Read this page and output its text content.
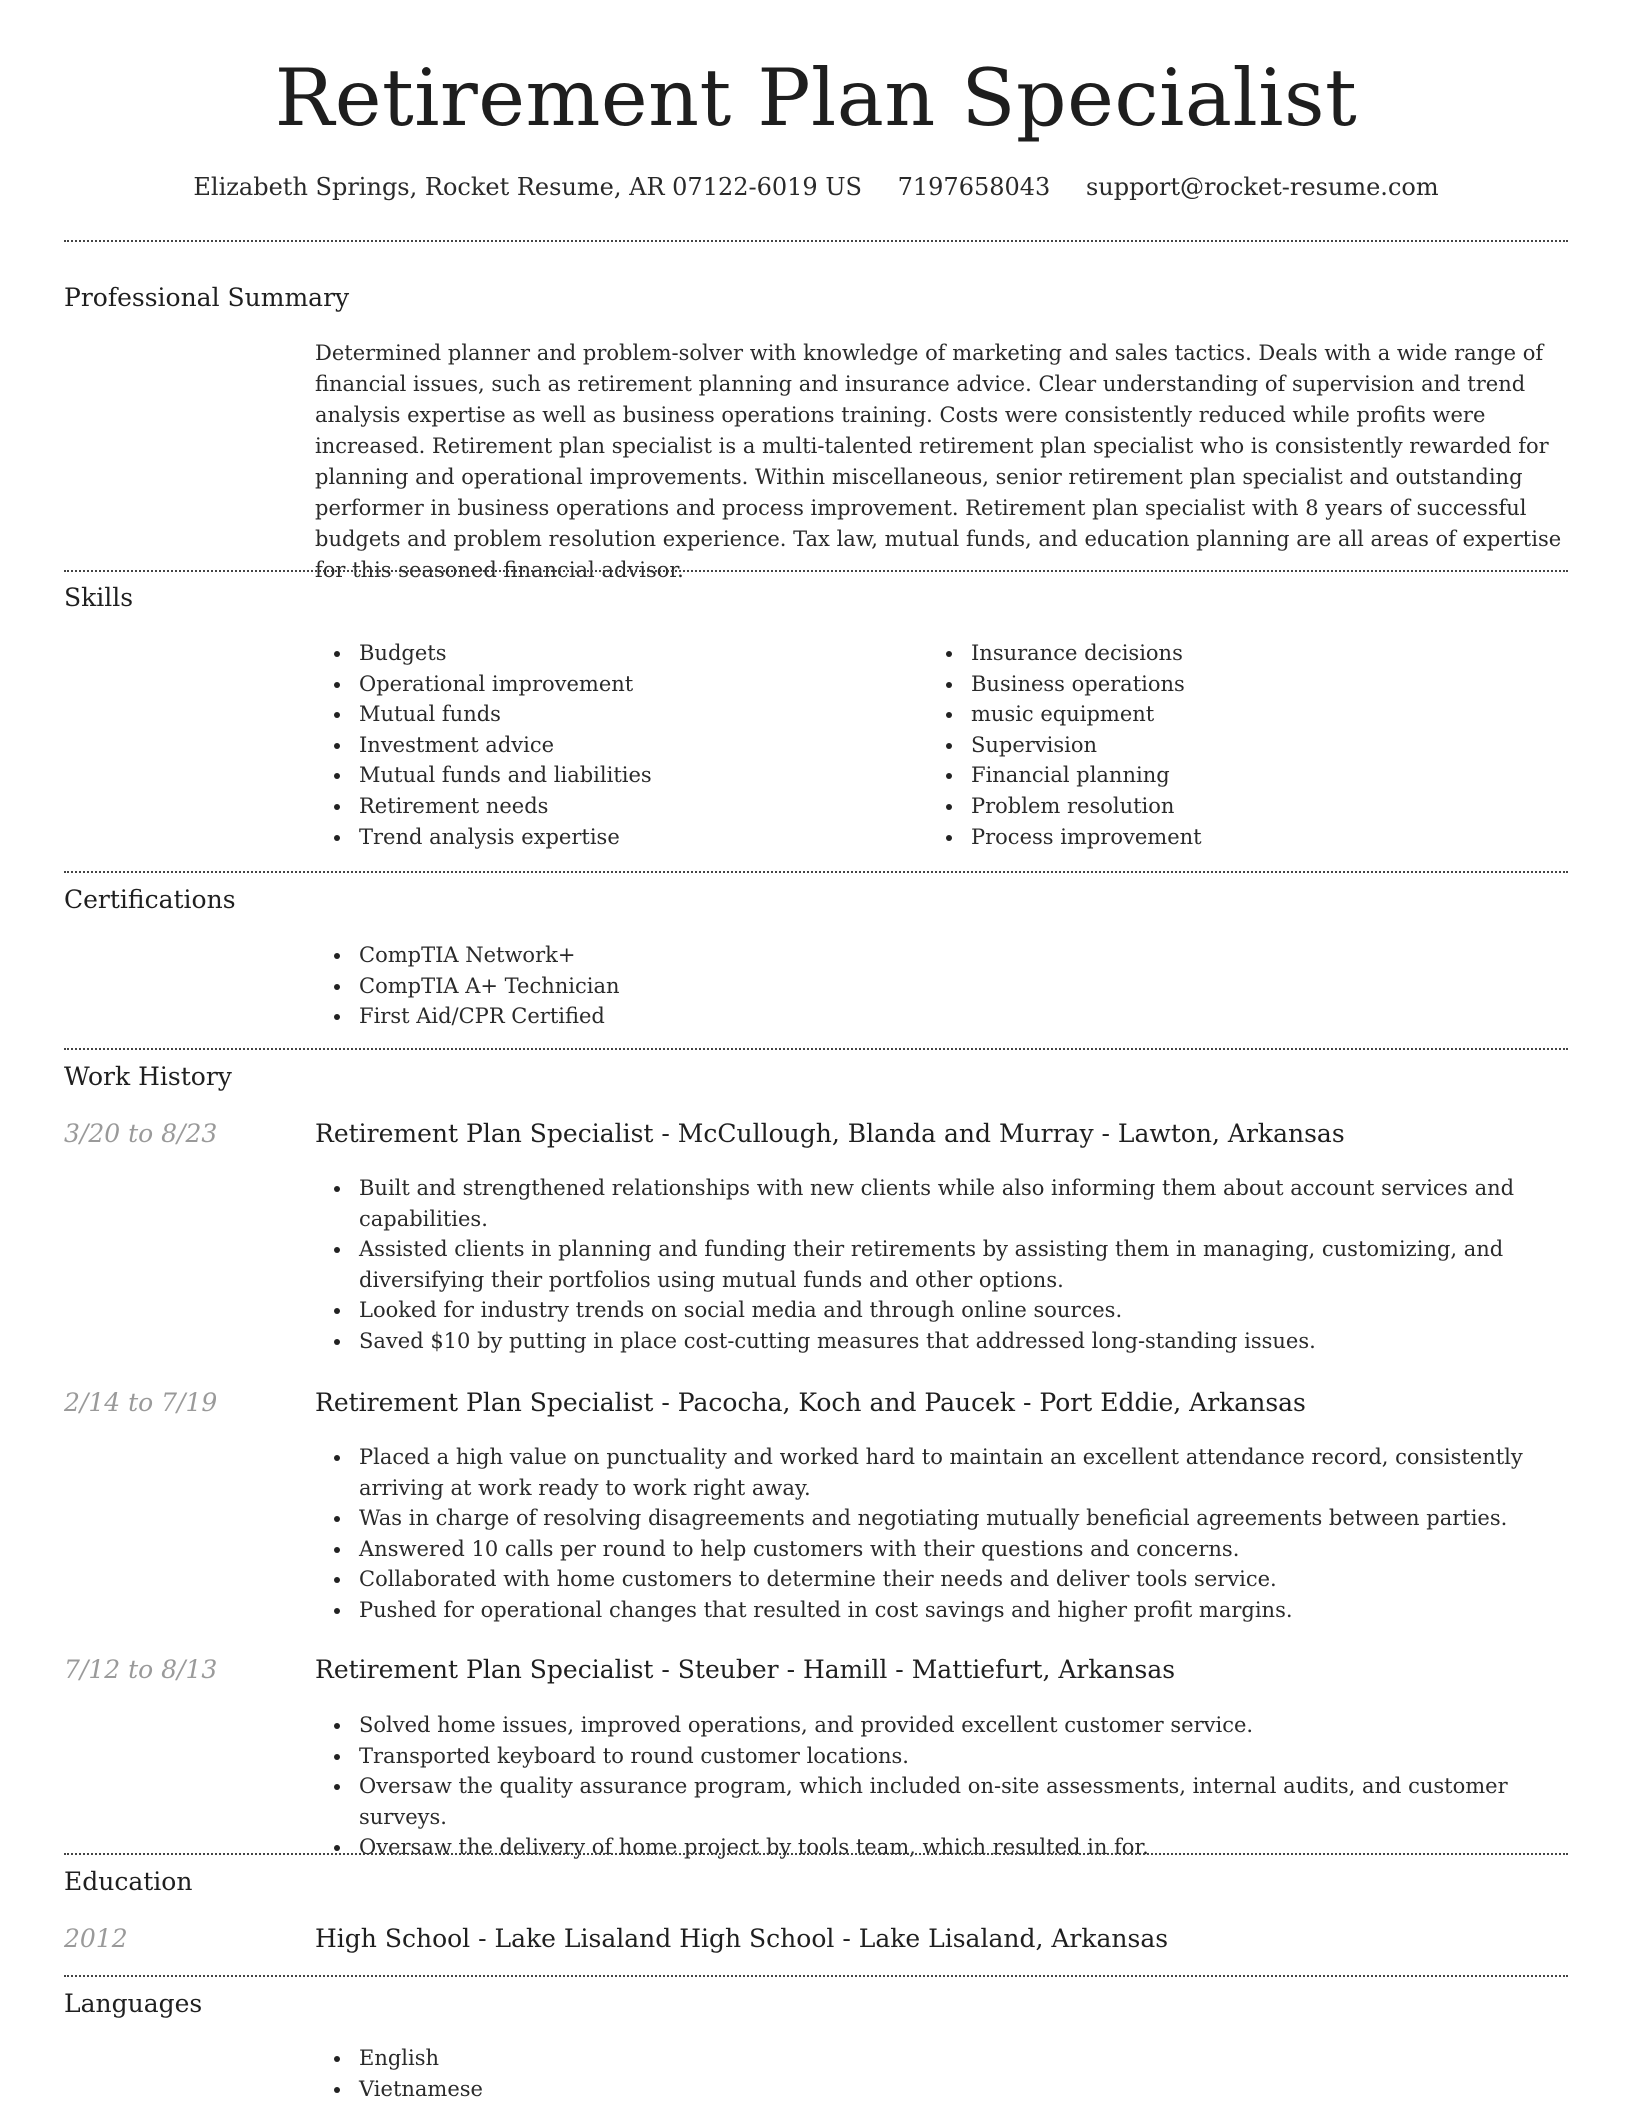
Retirement Plan Specialist
Elizabeth Springs, Rocket Resume, AR 07122-6019 US 7197658043 support@rocket-resume.com
Professional Summary
Determined planner and problem-solver with knowledge of marketing and sales tactics. Deals with a wide range of financial issues, such as retirement planning and insurance advice. Clear understanding of supervision and trend analysis expertise as well as business operations training. Costs were consistently reduced while profits were increased. Retirement plan specialist is a multi-talented retirement plan specialist who is consistently rewarded for planning and operational improvements. Within miscellaneous, senior retirement plan specialist and outstanding performer in business operations and process improvement. Retirement plan specialist with 8 years of successful budgets and problem resolution experience. Tax law, mutual funds, and education planning are all areas of expertise for this seasoned financial advisor.
Skills
Budgets
Operational improvement
Mutual funds
Investment advice
Mutual funds and liabilities
Retirement needs
Trend analysis expertise
Insurance decisions
Business operations
music equipment
Supervision
Financial planning
Problem resolution
Process improvement
Certifications
CompTIA Network+
CompTIA A+ Technician
First Aid/CPR Certified
Work History
3/20 to 8/23	Retirement Plan Specialist - McCullough, Blanda and Murray - Lawton, Arkansas
Built and strengthened relationships with new clients while also informing them about account services and capabilities.
Assisted clients in planning and funding their retirements by assisting them in managing, customizing, and diversifying their portfolios using mutual funds and other options.
Looked for industry trends on social media and through online sources.
Saved $10 by putting in place cost-cutting measures that addressed long-standing issues.
2/14 to 7/19	Retirement Plan Specialist - Pacocha, Koch and Paucek - Port Eddie, Arkansas
Placed a high value on punctuality and worked hard to maintain an excellent attendance record, consistently arriving at work ready to work right away.
Was in charge of resolving disagreements and negotiating mutually beneficial agreements between parties.
Answered 10 calls per round to help customers with their questions and concerns.
Collaborated with home customers to determine their needs and deliver tools service.
Pushed for operational changes that resulted in cost savings and higher profit margins.
7/12 to 8/13	Retirement Plan Specialist - Steuber - Hamill - Mattiefurt, Arkansas
Solved home issues, improved operations, and provided excellent customer service.
Transported keyboard to round customer locations.
Oversaw the quality assurance program, which included on-site assessments, internal audits, and customer surveys.
Oversaw the delivery of home project by tools team, which resulted in for.
Education
2012	High School - Lake Lisaland High School - Lake Lisaland, Arkansas
Languages
English
Vietnamese
